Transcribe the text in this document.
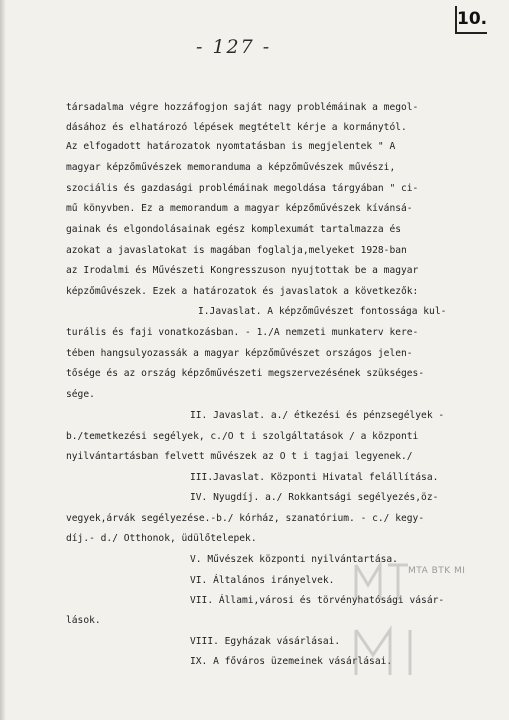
- 127 -
10.
társadalma végre hozzáfogjon saját nagy problémáinak a megol-
dásához és elhatározó lépések megtételt kérje a kormánytól.
Az elfogadott határozatok nyomtatásban is megjelentek " A
magyar képzőművészek memoranduma a képzőművészek művészi,
szociális és gazdasági problémáinak megoldása tárgyában " ci-
mű könyvben. Ez a memorandum a magyar képzőművészek kívánsá-
gainak és elgondolásainak egész komplexumát tartalmazza és
azokat a javaslatokat is magában foglalja,melyeket 1928-ban
az Irodalmi és Művészeti Kongresszuson nyujtottak be a magyar
képzőművészek. Ezek a határozatok és javaslatok a következők:
I.Javaslat. A képzőművészet fontossága kul-
turális és faji vonatkozásban. - 1./A nemzeti munkaterv kere-
tében hangsulyozassák a magyar képzőművészet országos jelen-
tősége és az ország képzőművészeti megszervezésének szükséges-
sége.
II. Javaslat. a./ étkezési és pénzsegélyek -
b./temetkezési segélyek, c./O t i szolgáltatások / a központi
nyilvántartásban felvett művészek az O t i tagjai legyenek./
III.Javaslat. Központi Hivatal felállítása.
IV. Nyugdíj. a./ Rokkantsági segélyezés,öz-
vegyek,árvák segélyezése.-b./ kórház, szanatórium. - c./ kegy-
díj.- d./ Otthonok, üdülőtelepek.
V. Művészek központi nyilvántartása.
VI. Általános irányelvek.
VII. Állami,városi és törvényhatósági vásár-
lások.
VIII. Egyházak vásárlásai.
IX. A főváros üzemeinek vásárlásai.
MTA BTK MI
